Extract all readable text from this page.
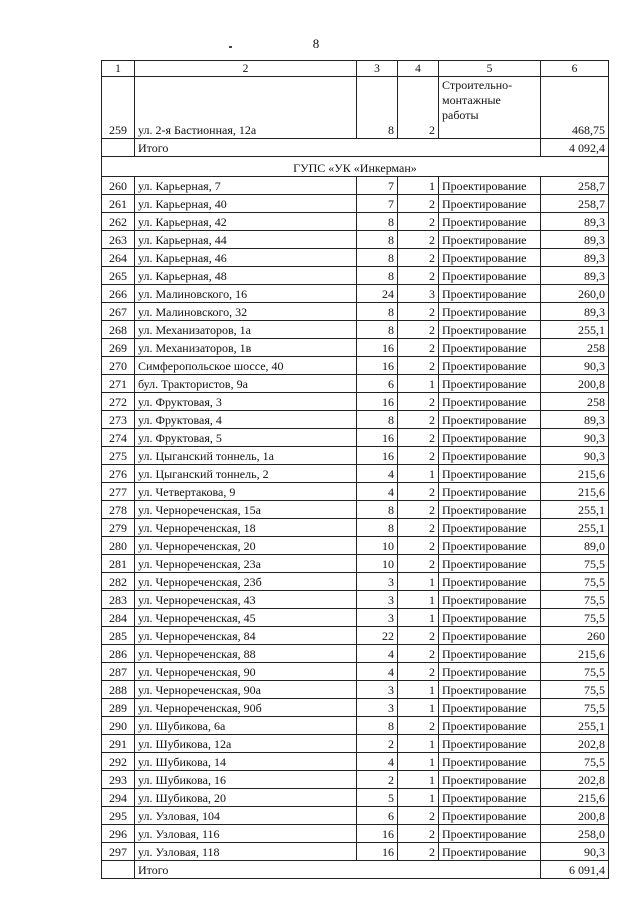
8
1	2	3	4	5	6
259	ул. 2-я Бастионная, 12а	8	2	Строительно-монтажные работы	468,75
	Итого				4 092,4
ГУПС «УК «Инкерман»					
260	ул. Карьерная, 7	7	1	Проектирование	258,7
261	ул. Карьерная, 40	7	2	Проектирование	258,7
262	ул. Карьерная, 42	8	2	Проектирование	89,3
263	ул. Карьерная, 44	8	2	Проектирование	89,3
264	ул. Карьерная, 46	8	2	Проектирование	89,3
265	ул. Карьерная, 48	8	2	Проектирование	89,3
266	ул. Малиновского, 16	24	3	Проектирование	260,0
267	ул. Малиновского, 32	8	2	Проектирование	89,3
268	ул. Механизаторов, 1а	8	2	Проектирование	255,1
269	ул. Механизаторов, 1в	16	2	Проектирование	258
270	Симферопольское шоссе, 40	16	2	Проектирование	90,3
271	бул. Трактористов, 9а	6	1	Проектирование	200,8
272	ул. Фруктовая, 3	16	2	Проектирование	258
273	ул. Фруктовая, 4	8	2	Проектирование	89,3
274	ул. Фруктовая, 5	16	2	Проектирование	90,3
275	ул. Цыганский тоннель, 1а	16	2	Проектирование	90,3
276	ул. Цыганский тоннель, 2	4	1	Проектирование	215,6
277	ул. Четвертакова, 9	4	2	Проектирование	215,6
278	ул. Чернореченская, 15а	8	2	Проектирование	255,1
279	ул. Чернореченская, 18	8	2	Проектирование	255,1
280	ул. Чернореченская, 20	10	2	Проектирование	89,0
281	ул. Чернореченская, 23а	10	2	Проектирование	75,5
282	ул. Чернореченская, 23б	3	1	Проектирование	75,5
283	ул. Чернореченская, 43	3	1	Проектирование	75,5
284	ул. Чернореченская, 45	3	1	Проектирование	75,5
285	ул. Чернореченская, 84	22	2	Проектирование	260
286	ул. Чернореченская, 88	4	2	Проектирование	215,6
287	ул. Чернореченская, 90	4	2	Проектирование	75,5
288	ул. Чернореченская, 90а	3	1	Проектирование	75,5
289	ул. Чернореченская, 90б	3	1	Проектирование	75,5
290	ул. Шубикова, 6а	8	2	Проектирование	255,1
291	ул. Шубикова, 12а	2	1	Проектирование	202,8
292	ул. Шубикова, 14	4	1	Проектирование	75,5
293	ул. Шубикова, 16	2	1	Проектирование	202,8
294	ул. Шубикова, 20	5	1	Проектирование	215,6
295	ул. Узловая, 104	6	2	Проектирование	200,8
296	ул. Узловая, 116	16	2	Проектирование	258,0
297	ул. Узловая, 118	16	2	Проектирование	90,3
	Итого				6 091,4
